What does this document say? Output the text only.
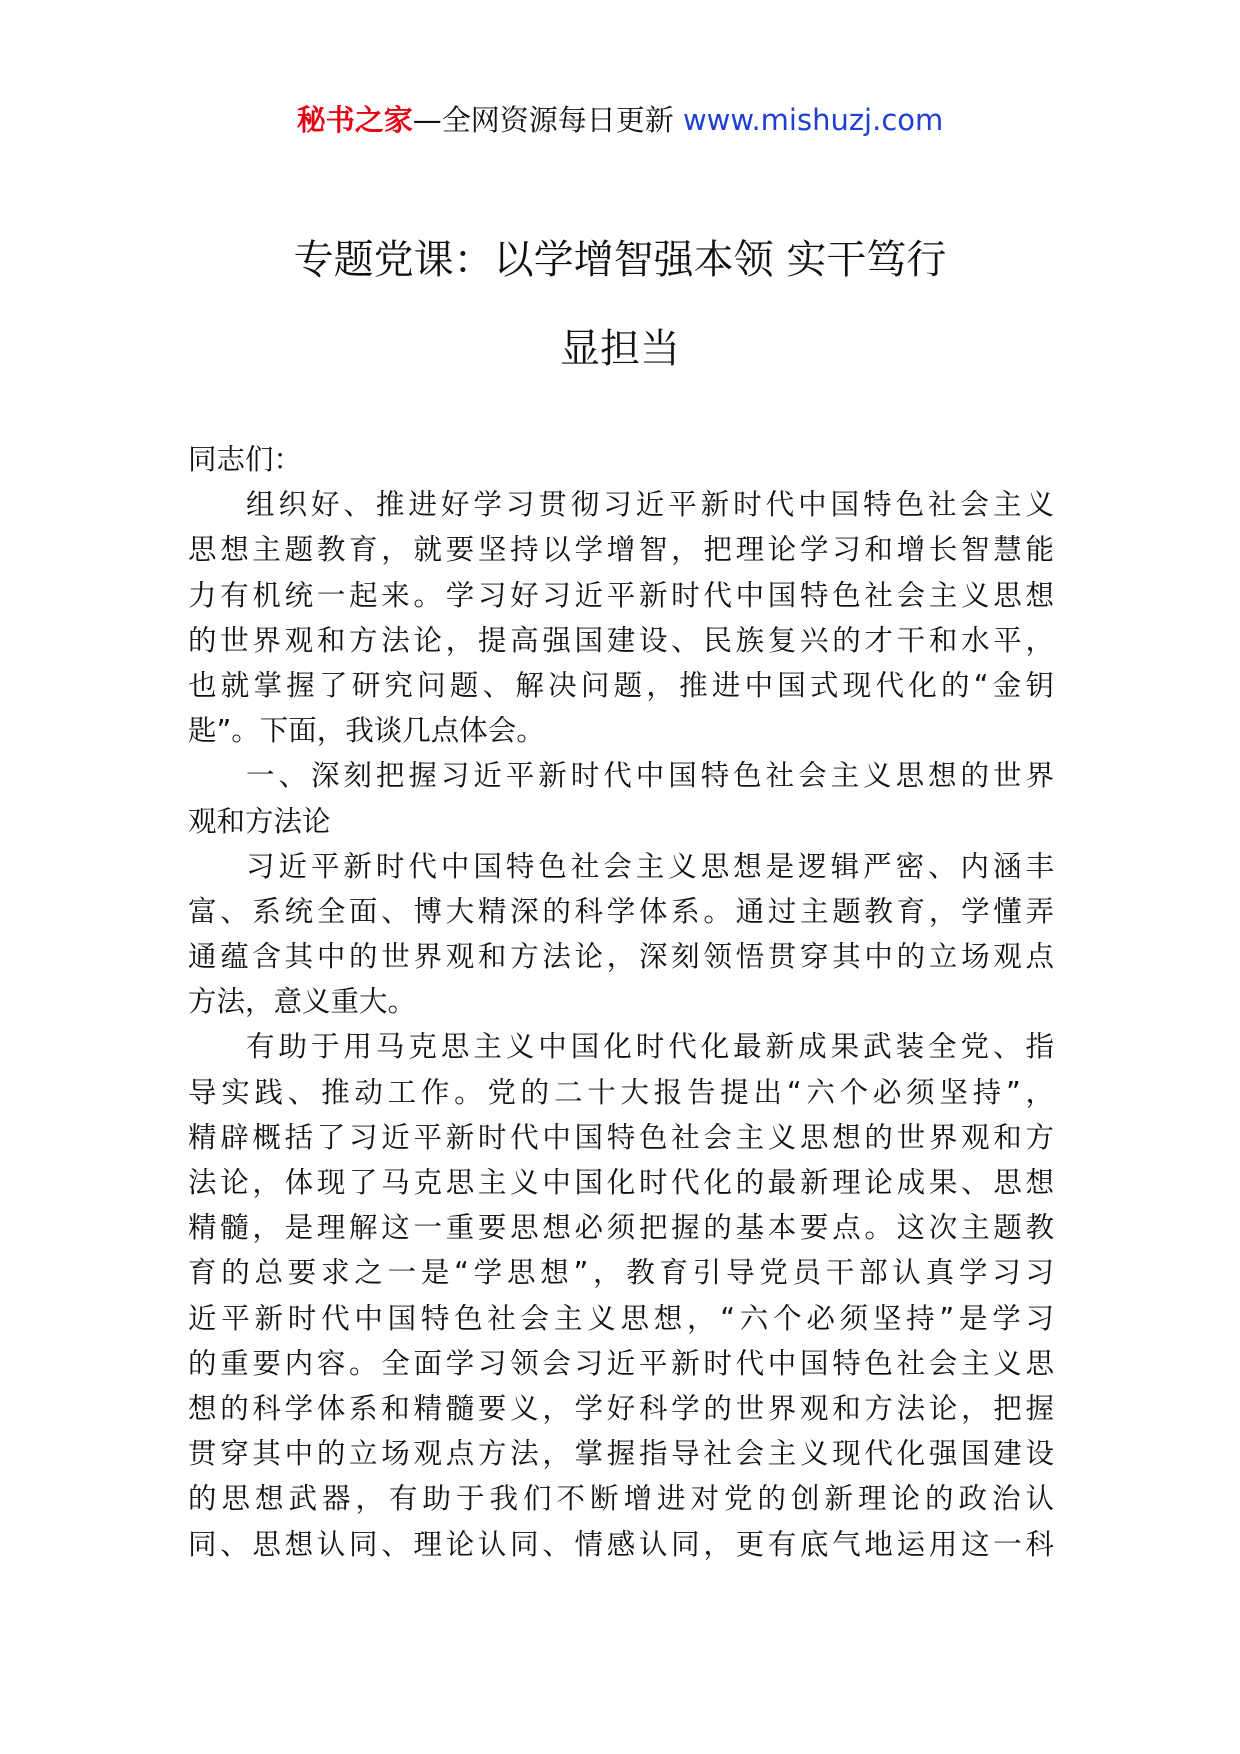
秘书之家—全网资源每日更新 www.mishuzj.com
专题党课：以学增智强本领 实干笃行
显担当
同志们：
组织好、推进好学习贯彻习近平新时代中国特色社会主义
思想主题教育，就要坚持以学增智，把理论学习和增长智慧能
力有机统一起来。学习好习近平新时代中国特色社会主义思想
的世界观和方法论，提高强国建设、民族复兴的才干和水平，
也就掌握了研究问题、解决问题，推进中国式现代化的“金钥
匙”。下面，我谈几点体会。
一、深刻把握习近平新时代中国特色社会主义思想的世界
观和方法论
习近平新时代中国特色社会主义思想是逻辑严密、内涵丰
富、系统全面、博大精深的科学体系。通过主题教育，学懂弄
通蕴含其中的世界观和方法论，深刻领悟贯穿其中的立场观点
方法，意义重大。
有助于用马克思主义中国化时代化最新成果武装全党、指
导实践、推动工作。党的二十大报告提出“六个必须坚持”，
精辟概括了习近平新时代中国特色社会主义思想的世界观和方
法论，体现了马克思主义中国化时代化的最新理论成果、思想
精髓，是理解这一重要思想必须把握的基本要点。这次主题教
育的总要求之一是“学思想”，教育引导党员干部认真学习习
近平新时代中国特色社会主义思想，“六个必须坚持”是学习
的重要内容。全面学习领会习近平新时代中国特色社会主义思
想的科学体系和精髓要义，学好科学的世界观和方法论，把握
贯穿其中的立场观点方法，掌握指导社会主义现代化强国建设
的思想武器，有助于我们不断增进对党的创新理论的政治认
同、思想认同、理论认同、情感认同，更有底气地运用这一科
